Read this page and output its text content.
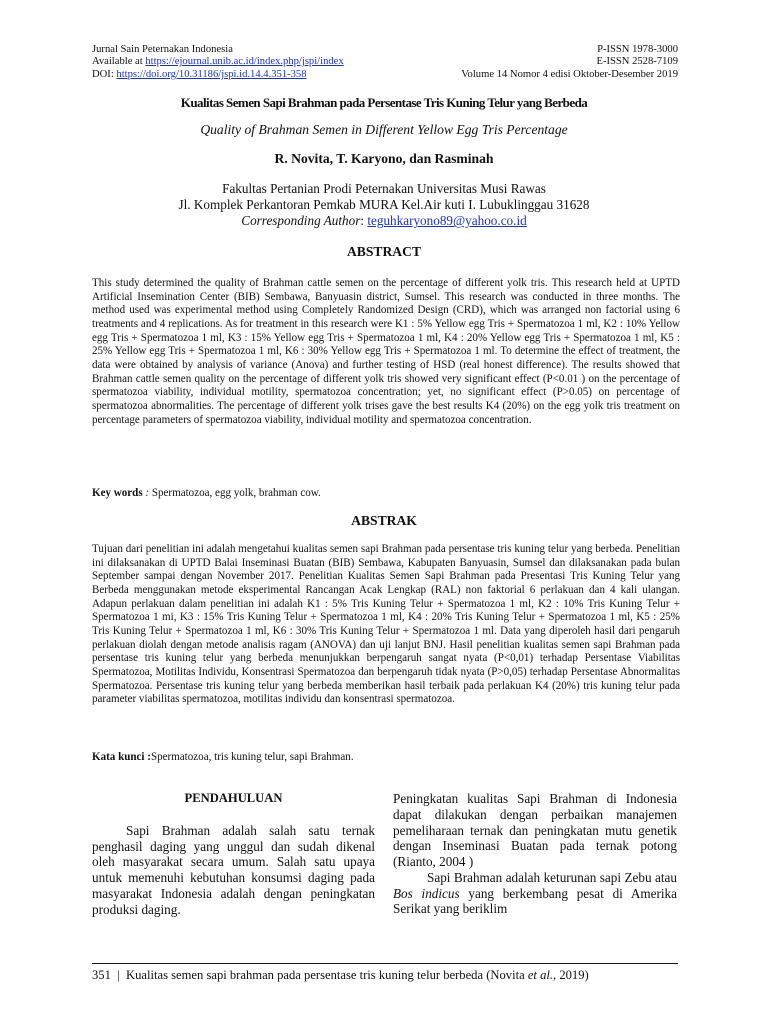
Jurnal Sain Peternakan Indonesia	P-ISSN 1978-3000
Available at https://ejournal.unib.ac.id/index.php/jspi/index	E-ISSN 2528-7109
DOI: https://doi.org/10.31186/jspi.id.14.4.351-358	Volume 14 Nomor 4 edisi Oktober-Desember 2019
Kualitas Semen Sapi Brahman pada Persentase Tris Kuning Telur yang Berbeda
Quality of Brahman Semen in Different Yellow Egg Tris Percentage
R. Novita, T. Karyono, dan Rasminah
Fakultas Pertanian Prodi Peternakan Universitas Musi Rawas
Jl. Komplek Perkantoran Pemkab MURA Kel.Air kuti I. Lubuklinggau 31628
Corresponding Author: teguhkaryono89@yahoo.co.id
ABSTRACT
This study determined the quality of Brahman cattle semen on the percentage of different yolk tris. This research held at UPTD Artificial Insemination Center (BIB) Sembawa, Banyuasin district, Sumsel. This research was conducted in three months. The method used was experimental method using Completely Randomized Design (CRD), which was arranged non factorial using 6 treatments and 4 replications. As for treatment in this research were K1 : 5% Yellow egg Tris + Spermatozoa 1 ml, K2 : 10% Yellow egg Tris + Spermatozoa 1 ml, K3 : 15% Yellow egg Tris + Spermatozoa 1 ml, K4 : 20% Yellow egg Tris + Spermatozoa 1 ml, K5 : 25% Yellow egg Tris + Spermatozoa 1 ml, K6 : 30% Yellow egg Tris + Spermatozoa 1 ml. To determine the effect of treatment, the data were obtained by analysis of variance (Anova) and further testing of HSD (real honest difference). The results showed that Brahman cattle semen quality on the percentage of different yolk tris showed very significant effect (P<0.01 ) on the percentage of spermatozoa viability, individual motility, spermatozoa concentration; yet, no significant effect (P>0.05) on percentage of spermatozoa abnormalities. The percentage of different yolk trises gave the best results K4 (20%) on the egg yolk tris treatment on percentage parameters of spermatozoa viability, individual motility and spermatozoa concentration.
Key words : Spermatozoa, egg yolk, brahman cow.
ABSTRAK
Tujuan dari penelitian ini adalah mengetahui kualitas semen sapi Brahman pada persentase tris kuning telur yang berbeda. Penelitian ini dilaksanakan di UPTD Balai Inseminasi Buatan (BIB) Sembawa, Kabupaten Banyuasin, Sumsel dan dilaksanakan pada bulan September sampai dengan November 2017. Penelitian Kualitas Semen Sapi Brahman pada Presentasi Tris Kuning Telur yang Berbeda menggunakan metode eksperimental Rancangan Acak Lengkap (RAL) non faktorial 6 perlakuan dan 4 kali ulangan. Adapun perlakuan dalam penelitian ini adalah K1 : 5% Tris Kuning Telur + Spermatozoa 1 ml, K2 : 10% Tris Kuning Telur + Spermatozoa 1 mi, K3 : 15% Tris Kuning Telur + Spermatozoa 1 ml, K4 : 20% Tris Kuning Telur + Spermatozoa 1 ml, K5 : 25% Tris Kuning Telur + Spermatozoa 1 ml, K6 : 30% Tris Kuning Telur + Spermatozoa 1 ml. Data yang diperoleh hasil dari pengaruh perlakuan diolah dengan metode analisis ragam (ANOVA) dan uji lanjut BNJ. Hasil penelitian kualitas semen sapi Brahman pada persentase tris kuning telur yang berbeda menunjukkan berpengaruh sangat nyata (P<0,01) terhadap Persentase Viabilitas Spermatozoa, Motilitas Individu, Konsentrasi Spermatozoa dan berpengaruh tidak nyata (P>0,05) terhadap Persentase Abnormalitas Spermatozoa. Persentase tris kuning telur yang berbeda memberikan hasil terbaik pada perlakuan K4 (20%) tris kuning telur pada parameter viabilitas spermatozoa, motilitas individu dan konsentrasi spermatozoa.
Kata kunci :Spermatozoa, tris kuning telur, sapi Brahman.
PENDAHULUAN

Sapi Brahman adalah salah satu ternak penghasil daging yang unggul dan sudah dikenal oleh masyarakat secara umum. Salah satu upaya untuk memenuhi kebutuhan konsumsi daging pada masyarakat Indonesia adalah dengan peningkatan produksi daging.

Peningkatan kualitas Sapi Brahman di Indonesia dapat dilakukan dengan perbaikan manajemen pemeliharaan ternak dan peningkatan mutu genetik dengan Inseminasi Buatan pada ternak potong (Rianto, 2004 )

Sapi Brahman adalah keturunan sapi Zebu atau Bos indicus yang berkembang pesat di Amerika Serikat yang beriklim

351 | Kualitas semen sapi brahman pada persentase tris kuning telur berbeda (Novita et al., 2019)
